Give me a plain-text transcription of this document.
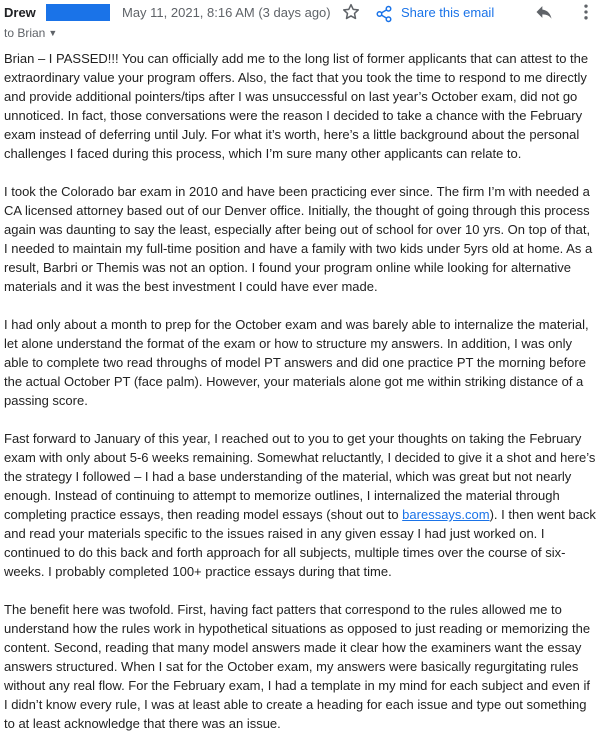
Drew	May 11, 2021, 8:16 AM (3 days ago)
to Brian ▼
Share this email

Brian – I PASSED!!! You can officially add me to the long list of former applicants that can attest to the extraordinary value your program offers. Also, the fact that you took the time to respond to me directly and provide additional pointers/tips after I was unsuccessful on last year’s October exam, did not go unnoticed. In fact, those conversations were the reason I decided to take a chance with the February exam instead of deferring until July. For what it’s worth, here’s a little background about the personal challenges I faced during this process, which I’m sure many other applicants can relate to.

I took the Colorado bar exam in 2010 and have been practicing ever since. The firm I’m with needed a CA licensed attorney based out of our Denver office. Initially, the thought of going through this process again was daunting to say the least, especially after being out of school for over 10 yrs. On top of that, I needed to maintain my full-time position and have a family with two kids under 5yrs old at home. As a result, Barbri or Themis was not an option. I found your program online while looking for alternative materials and it was the best investment I could have ever made.

I had only about a month to prep for the October exam and was barely able to internalize the material, let alone understand the format of the exam or how to structure my answers. In addition, I was only able to complete two read throughs of model PT answers and did one practice PT the morning before the actual October PT (face palm). However, your materials alone got me within striking distance of a passing score.

Fast forward to January of this year, I reached out to you to get your thoughts on taking the February exam with only about 5-6 weeks remaining. Somewhat reluctantly, I decided to give it a shot and here’s the strategy I followed – I had a base understanding of the material, which was great but not nearly enough. Instead of continuing to attempt to memorize outlines, I internalized the material through completing practice essays, then reading model essays (shout out to baressays.com). I then went back and read your materials specific to the issues raised in any given essay I had just worked on. I continued to do this back and forth approach for all subjects, multiple times over the course of six-weeks. I probably completed 100+ practice essays during that time.

The benefit here was twofold. First, having fact patters that correspond to the rules allowed me to understand how the rules work in hypothetical situations as opposed to just reading or memorizing the content. Second, reading that many model answers made it clear how the examiners want the essay answers structured. When I sat for the October exam, my answers were basically regurgitating rules without any real flow. For the February exam, I had a template in my mind for each subject and even if I didn’t know every rule, I was at least able to create a heading for each issue and type out something to at least acknowledge that there was an issue.
